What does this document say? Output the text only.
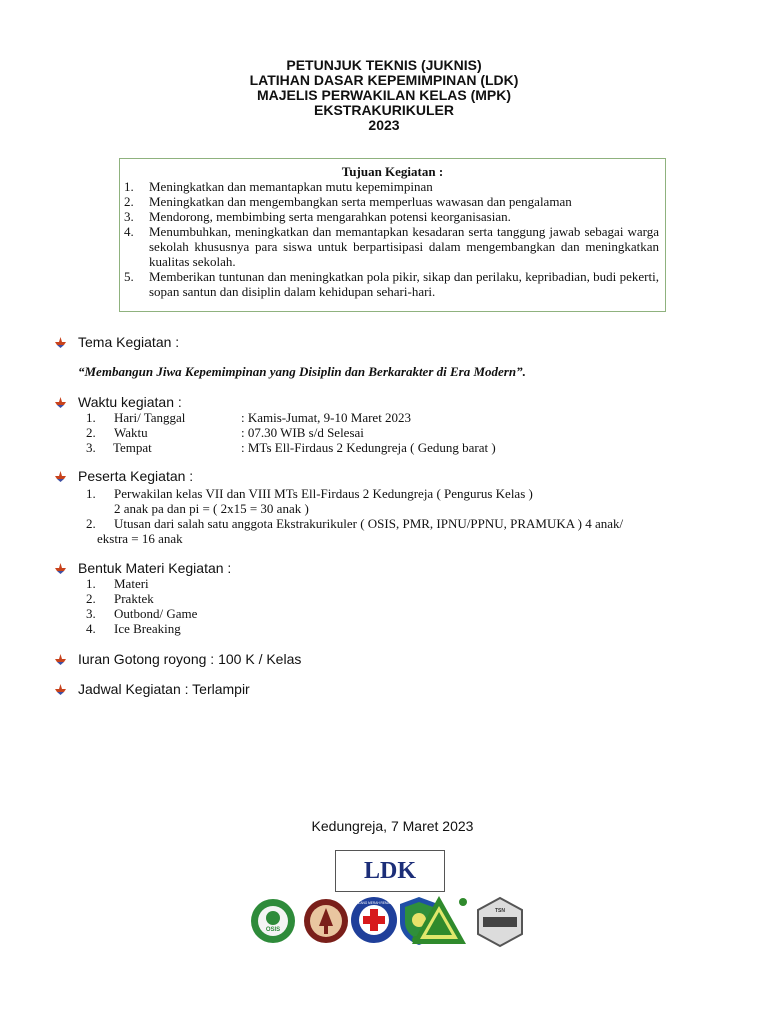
PETUNJUK TEKNIS (JUKNIS)
LATIHAN DASAR KEPEMIMPINAN (LDK)
MAJELIS PERWAKILAN KELAS (MPK)
EKSTRAKURIKULER
2023
Tujuan Kegiatan :
1.	Meningkatkan dan memantapkan mutu kepemimpinan
2.	Meningkatkan dan mengembangkan serta memperluas wawasan dan pengalaman
3.	Mendorong, membimbing serta mengarahkan potensi keorganisasian.
4.	Menumbuhkan, meningkatkan dan memantapkan kesadaran serta tanggung jawab sebagai warga sekolah khususnya para siswa untuk berpartisipasi dalam mengembangkan dan meningkatkan kualitas sekolah.
5.	Memberikan tuntunan dan meningkatkan pola pikir, sikap dan perilaku, kepribadian, budi pekerti, sopan santun dan disiplin dalam kehidupan sehari-hari.
Tema Kegiatan :
“Membangun Jiwa Kepemimpinan yang Disiplin dan Berkarakter di Era Modern”.
Waktu kegiatan :
1. Hari/ Tanggal	: Kamis-Jumat, 9-10 Maret 2023
2. Waktu	: 07.30 WIB s/d Selesai
3. Tempat	: MTs Ell-Firdaus 2 Kedungreja ( Gedung barat )
Peserta Kegiatan :
1. Perwakilan kelas VII dan VIII MTs Ell-Firdaus 2 Kedungreja ( Pengurus Kelas )
2 anak pa dan pi = ( 2x15 = 30 anak )
2. Utusan dari salah satu anggota Ekstrakurikuler ( OSIS, PMR, IPNU/PPNU, PRAMUKA ) 4 anak/
ekstra = 16 anak
Bentuk Materi Kegiatan :
1. Materi
2. Praktek
3. Outbond/ Game
4. Ice Breaking
Iuran Gotong royong : 100 K / Kelas
Jadwal Kegiatan : Terlampir
Kedungreja, 7 Maret 2023
LDK
OSIS
PALANG MERAH REMAJA
TSN
